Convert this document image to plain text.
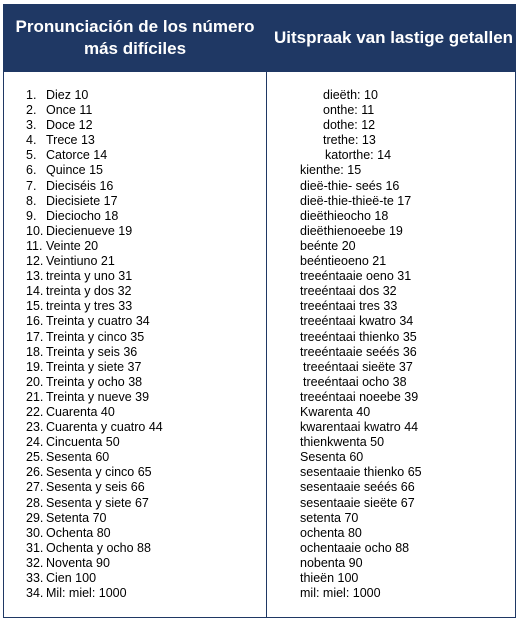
Pronunciación de los número más difíciles
Uitspraak van lastige getallen
1. Diez 10
2. Once 11
3. Doce 12
4. Trece 13
5. Catorce 14
6. Quince 15
7. Dieciséis 16
8. Diecisiete 17
9. Dieciocho 18
10. Diecienueve 19
11. Veinte 20
12. Veintiuno 21
13. treinta y uno 31
14. treinta y dos 32
15. treinta y tres 33
16. Treinta y cuatro 34
17. Treinta y cinco 35
18. Treinta y seis 36
19. Treinta y siete 37
20. Treinta y ocho 38
21. Treinta y nueve 39
22. Cuarenta 40
23. Cuarenta y cuatro 44
24. Cincuenta 50
25. Sesenta 60
26. Sesenta y cinco 65
27. Sesenta y seis 66
28. Sesenta y siete 67
29. Setenta 70
30. Ochenta 80
31. Ochenta y ocho 88
32. Noventa 90
33. Cien 100
34. Mil: miel: 1000
dieëth: 10
onthe: 11
dothe: 12
trethe: 13
katorthe: 14
kienthe: 15
dieë-thie- seés 16
dieë-thie-thieë-te 17
dieëthieocho 18
dieëthienoeebe 19
beénte 20
beéntieoeno 21
treeéntaaie oeno 31
treeéntaai dos 32
treeéntaai tres 33
treeéntaai kwatro 34
treeéntaai thienko 35
treeéntaaie seéés 36
treeéntaai sieëte 37
treeéntaai ocho 38
treeéntaai noeebe 39
Kwarenta 40
kwarentaai kwatro 44
thienkwenta 50
Sesenta 60
sesentaaie thienko 65
sesentaaie seéés 66
sesentaaie sieëte 67
setenta 70
ochenta 80
ochentaaie ocho 88
nobenta 90
thieën 100
mil: miel: 1000
